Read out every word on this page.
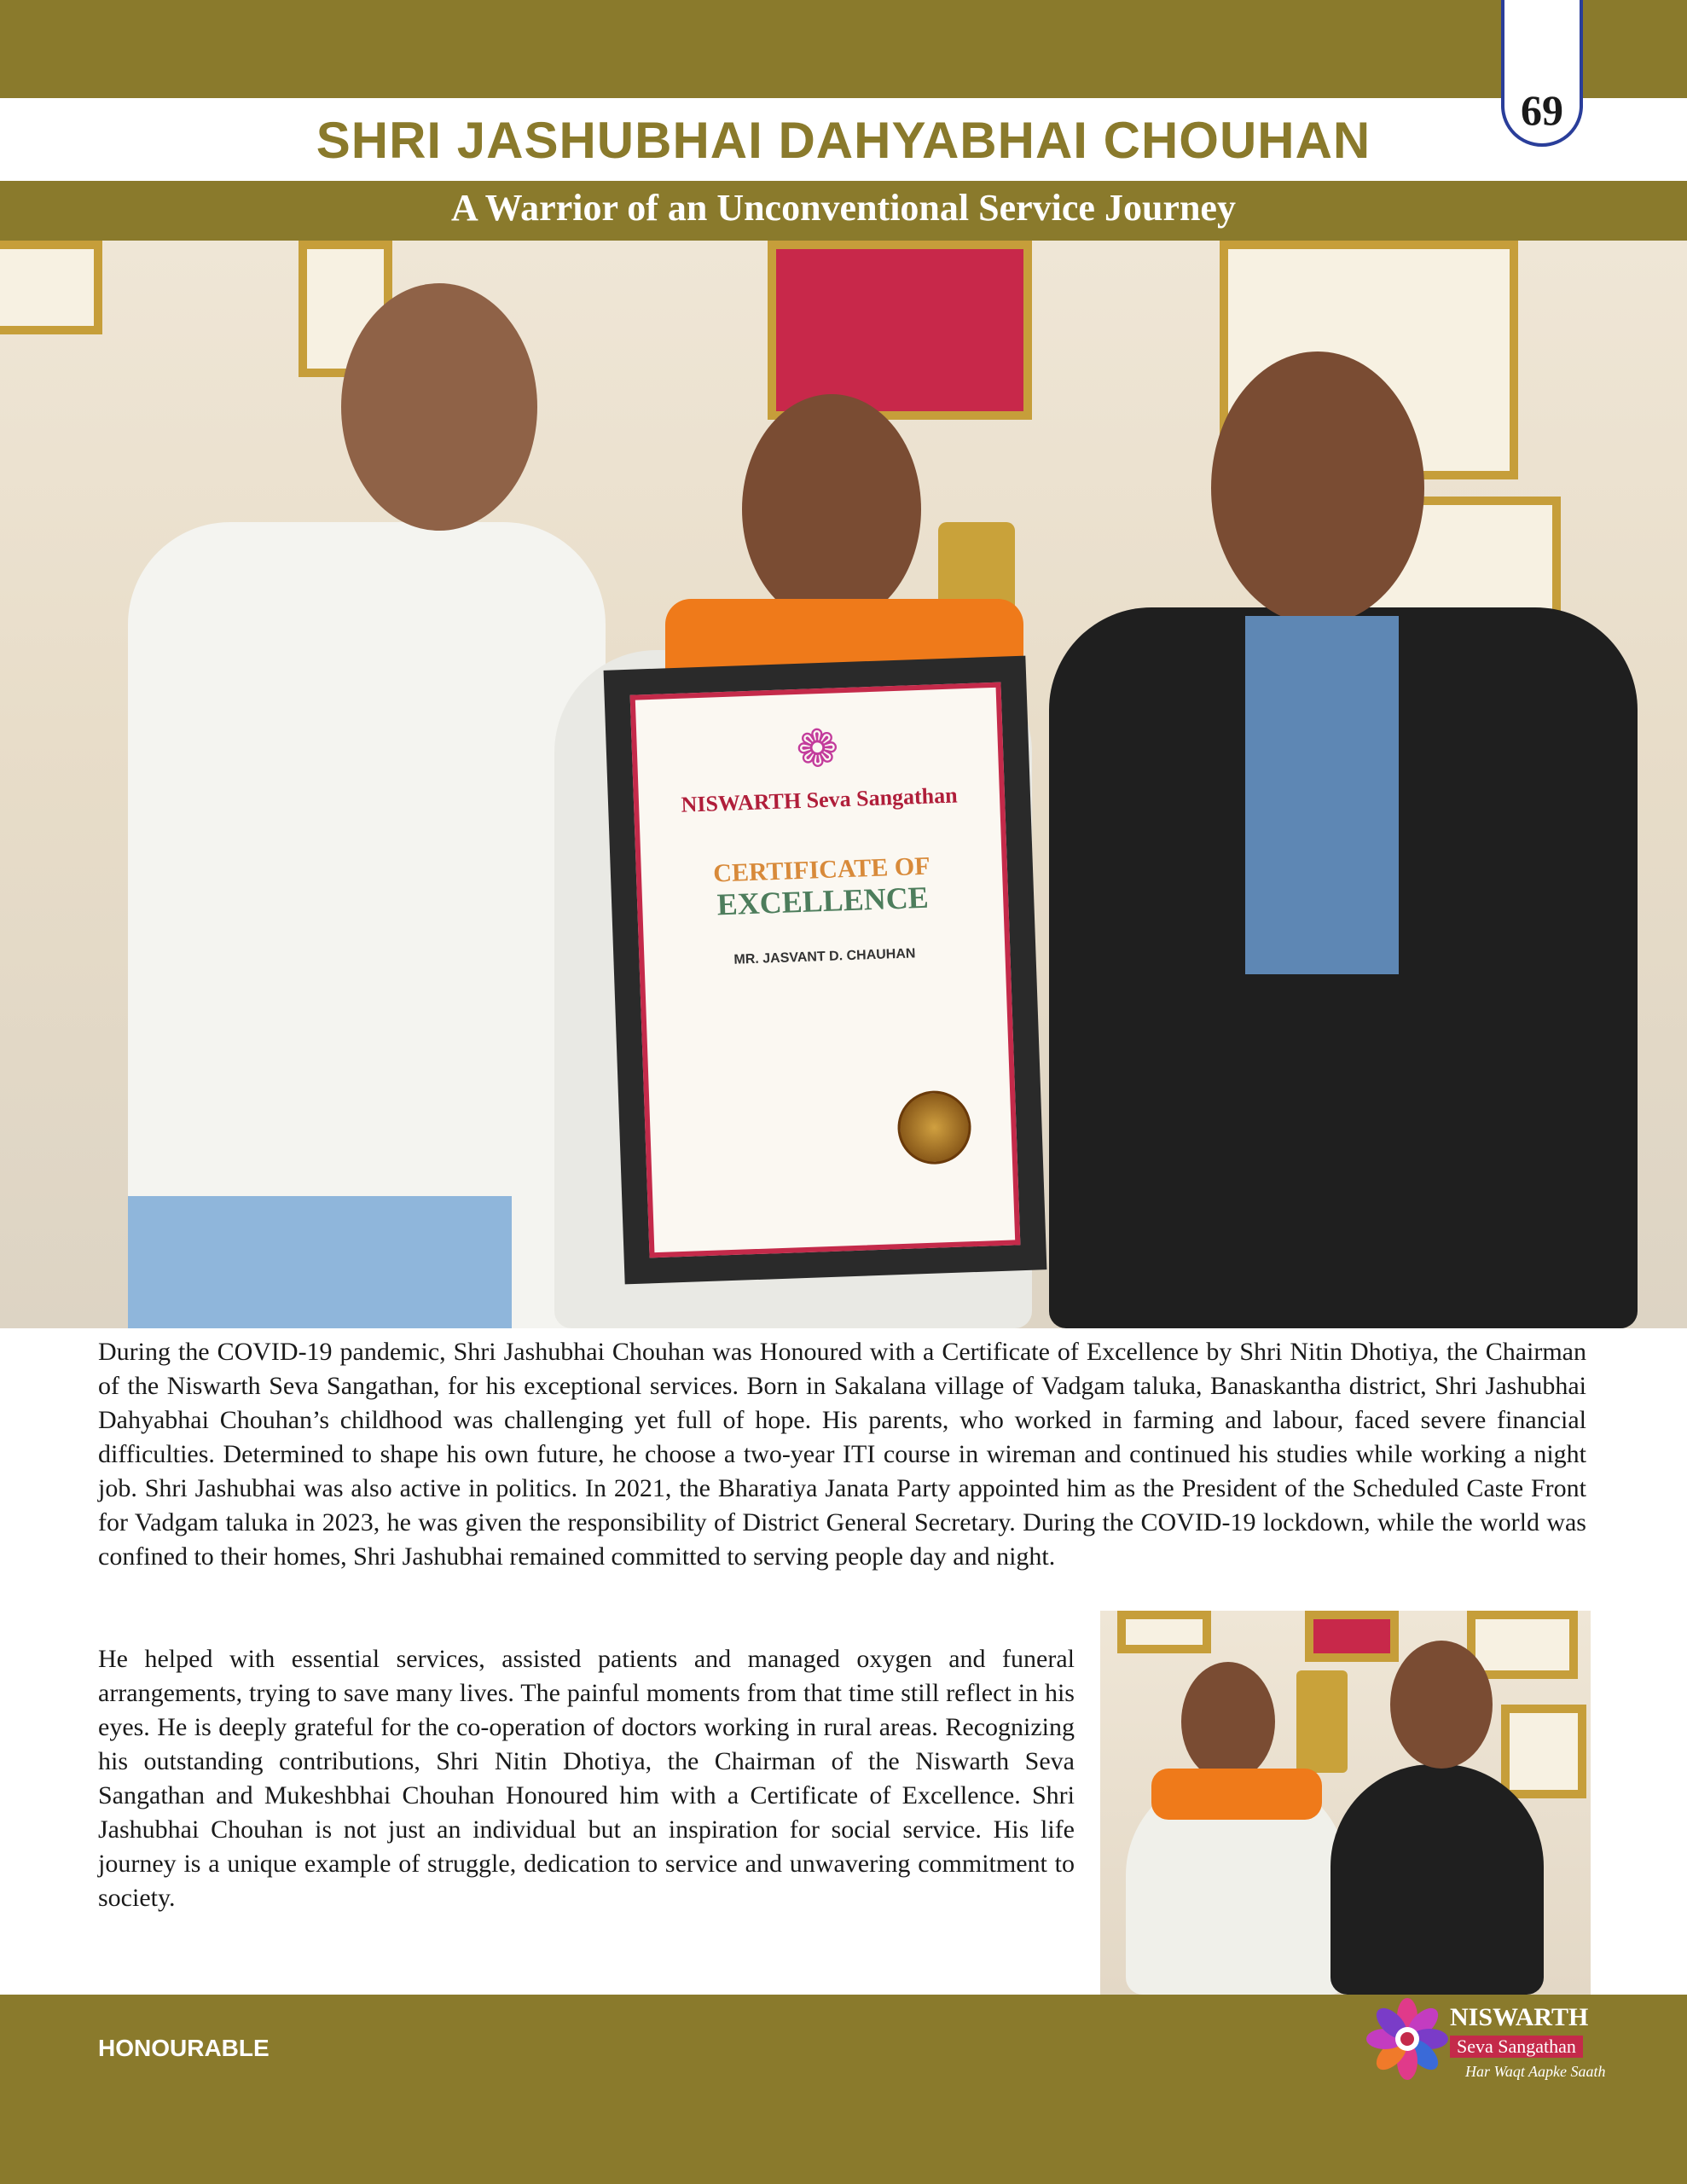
69
SHRI JASHUBHAI DAHYABHAI CHOUHAN
A Warrior of an Unconventional Service Journey
❁
NISWARTH Seva Sangathan
CERTIFICATE OF
EXCELLENCE
MR. JASVANT D. CHAUHAN

During the COVID-19 pandemic, Shri Jashubhai Chouhan was Honoured with a Certificate of Excellence by Shri Nitin Dhotiya, the Chairman of the Niswarth Seva Sangathan, for his exceptional services. Born in Sakalana village of Vadgam taluka, Banaskantha district, Shri Jashubhai Dahyabhai Chouhan’s childhood was challenging yet full of hope. His parents, who worked in farming and labour, faced severe financial difficulties. Determined to shape his own future, he choose a two-year ITI course in wireman and continued his studies while working a night job. Shri Jashubhai was also active in politics. In 2021, the Bharatiya Janata Party appointed him as the President of the Scheduled Caste Front for Vadgam taluka in 2023, he was given the responsibility of District General Secretary. During the COVID-19 lockdown, while the world was confined to their homes, Shri Jashubhai remained committed to serving people day and night.

He helped with essential services, assisted patients and managed oxygen and funeral arrangements, trying to save many lives. The painful moments from that time still reflect in his eyes. He is deeply grateful for the co-operation of doctors working in rural areas. Recognizing his outstanding contributions, Shri Nitin Dhotiya, the Chairman of the Niswarth Seva Sangathan and Mukeshbhai Chouhan Honoured him with a Certificate of Excellence. Shri Jashubhai Chouhan is not just an individual but an inspiration for social service. His life journey is a unique example of struggle, dedication to service and unwavering commitment to society.

HONOURABLE
NISWARTH
Seva Sangathan
Har Waqt Aapke Saath
